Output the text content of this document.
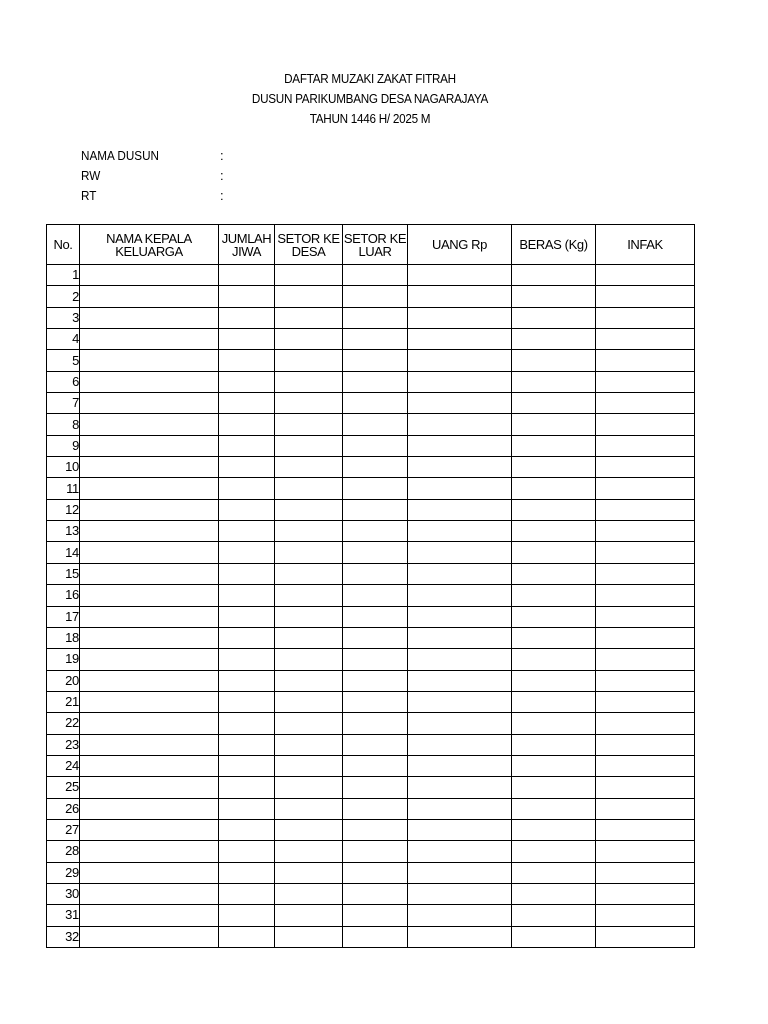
DAFTAR MUZAKI ZAKAT FITRAH
DUSUN PARIKUMBANG DESA NAGARAJAYA
TAHUN 1446 H/ 2025 M
NAMA DUSUN	:
RW	:
RT	:
No.	NAMA KEPALA KELUARGA	JUMLAH JIWA	SETOR KE DESA	SETOR KE LUAR	UANG Rp	BERAS (Kg)	INFAK
1							
2							
3							
4							
5							
6							
7							
8							
9							
10							
11							
12							
13							
14							
15							
16							
17							
18							
19							
20							
21							
22							
23							
24							
25							
26							
27							
28							
29							
30							
31							
32							
